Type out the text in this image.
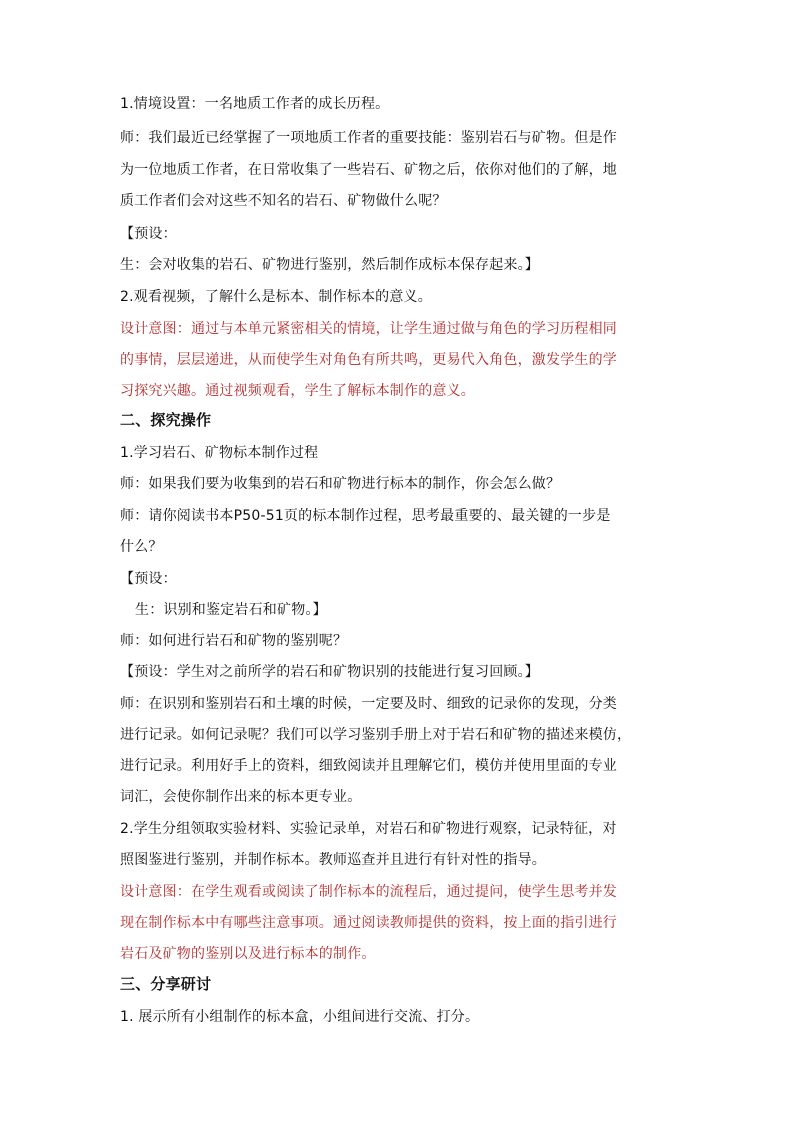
1.情境设置：一名地质工作者的成长历程。
师：我们最近已经掌握了一项地质工作者的重要技能：鉴别岩石与矿物。但是作
为一位地质工作者，在日常收集了一些岩石、矿物之后，依你对他们的了解，地
质工作者们会对这些不知名的岩石、矿物做什么呢？
【预设：
生：会对收集的岩石、矿物进行鉴别，然后制作成标本保存起来。】
2.观看视频，了解什么是标本、制作标本的意义。
设计意图：通过与本单元紧密相关的情境，让学生通过做与角色的学习历程相同
的事情，层层递进，从而使学生对角色有所共鸣，更易代入角色，激发学生的学
习探究兴趣。通过视频观看，学生了解标本制作的意义。
二、探究操作
1.学习岩石、矿物标本制作过程
师：如果我们要为收集到的岩石和矿物进行标本的制作，你会怎么做？
师：请你阅读书本P50-51页的标本制作过程，思考最重要的、最关键的一步是
什么？
【预设：
生：识别和鉴定岩石和矿物。】
师：如何进行岩石和矿物的鉴别呢？
【预设：学生对之前所学的岩石和矿物识别的技能进行复习回顾。】
师：在识别和鉴别岩石和土壤的时候，一定要及时、细致的记录你的发现，分类
进行记录。如何记录呢？我们可以学习鉴别手册上对于岩石和矿物的描述来模仿，
进行记录。利用好手上的资料，细致阅读并且理解它们，模仿并使用里面的专业
词汇，会使你制作出来的标本更专业。
2.学生分组领取实验材料、实验记录单，对岩石和矿物进行观察，记录特征，对
照图鉴进行鉴别，并制作标本。教师巡查并且进行有针对性的指导。
设计意图：在学生观看或阅读了制作标本的流程后，通过提问，使学生思考并发
现在制作标本中有哪些注意事项。通过阅读教师提供的资料，按上面的指引进行
岩石及矿物的鉴别以及进行标本的制作。
三、分享研讨
1. 展示所有小组制作的标本盒，小组间进行交流、打分。
